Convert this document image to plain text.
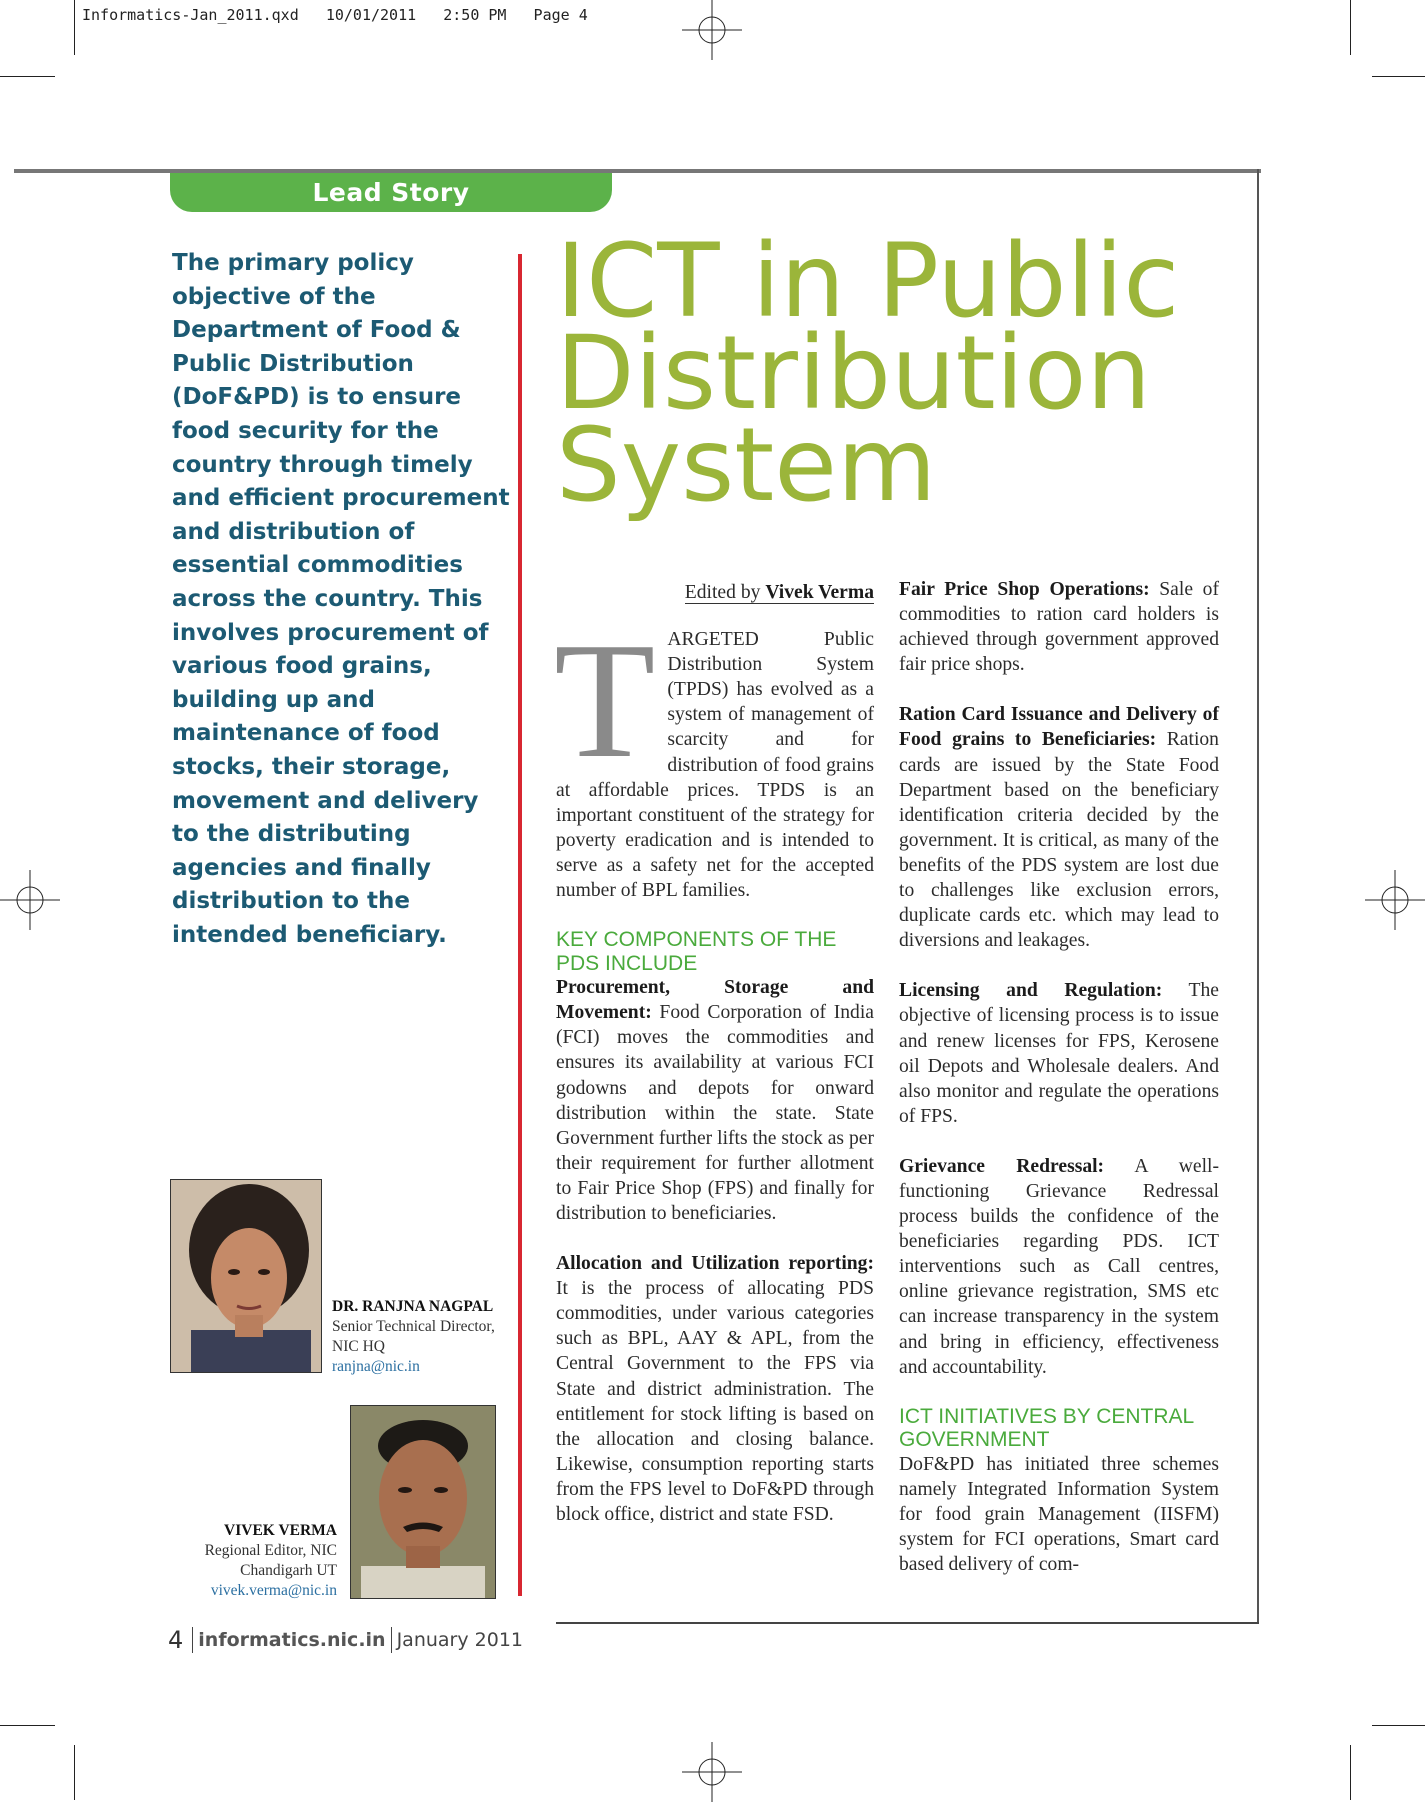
Informatics-Jan_2011.qxd   10/01/2011   2:50 PM   Page 4
Lead Story
The primary policy objective of the Department of Food & Public Distribution (DoF&PD) is to ensure food security for the country through timely and efficient procurement and distribution of essential commodities across the country. This involves procurement of various food grains, building up and maintenance of food stocks, their storage, movement and delivery to the distributing agencies and finally distribution to the intended beneficiary.
ICT in Public
Distribution
System

Edited by Vivek Verma

TARGETED Public Distribution System (TPDS) has evolved as a system of management of scarcity and for distribution of food grains at affordable prices. TPDS is an important constituent of the strategy for poverty eradication and is intended to serve as a safety net for the accepted number of BPL families.

KEY COMPONENTS OF THE
PDS INCLUDE

Procurement, Storage and Movement: Food Corporation of India (FCI) moves the commodities and ensures its availability at various FCI godowns and depots for onward distribution within the state. State Government further lifts the stock as per their requirement for further allotment to Fair Price Shop (FPS) and finally for distribution to beneficiaries.

Allocation and Utilization reporting: It is the process of allocating PDS commodities, under various categories such as BPL, AAY & APL, from the Central Government to the FPS via State and district administration. The entitlement for stock lifting is based on the allocation and closing balance. Likewise, consumption reporting starts from the FPS level to DoF&PD through block office, district and state FSD.

Fair Price Shop Operations: Sale of commodities to ration card holders is achieved through government approved fair price shops.

Ration Card Issuance and Delivery of Food grains to Beneficiaries: Ration cards are issued by the State Food Department based on the beneficiary identification criteria decided by the government. It is critical, as many of the benefits of the PDS system are lost due to challenges like exclusion errors, duplicate cards etc. which may lead to diversions and leakages.

Licensing and Regulation: The objective of licensing process is to issue and renew licenses for FPS, Kerosene oil Depots and Wholesale dealers. And also monitor and regulate the operations of FPS.

Grievance Redressal: A well-functioning Grievance Redressal process builds the confidence of the beneficiaries regarding PDS. ICT interventions such as Call centres, online grievance registration, SMS etc can increase transparency in the system and bring in efficiency, effectiveness and accountability.

ICT INITIATIVES BY CENTRAL
GOVERNMENT

DoF&PD has initiated three schemes namely Integrated Information System for food grain Management (IISFM) system for FCI operations, Smart card based delivery of com-

DR. RANJNA NAGPAL
Senior Technical Director,
NIC HQ
ranjna@nic.in
VIVEK VERMA
Regional Editor, NIC
Chandigarh UT
vivek.verma@nic.in
4 informatics.nic.in January 2011
